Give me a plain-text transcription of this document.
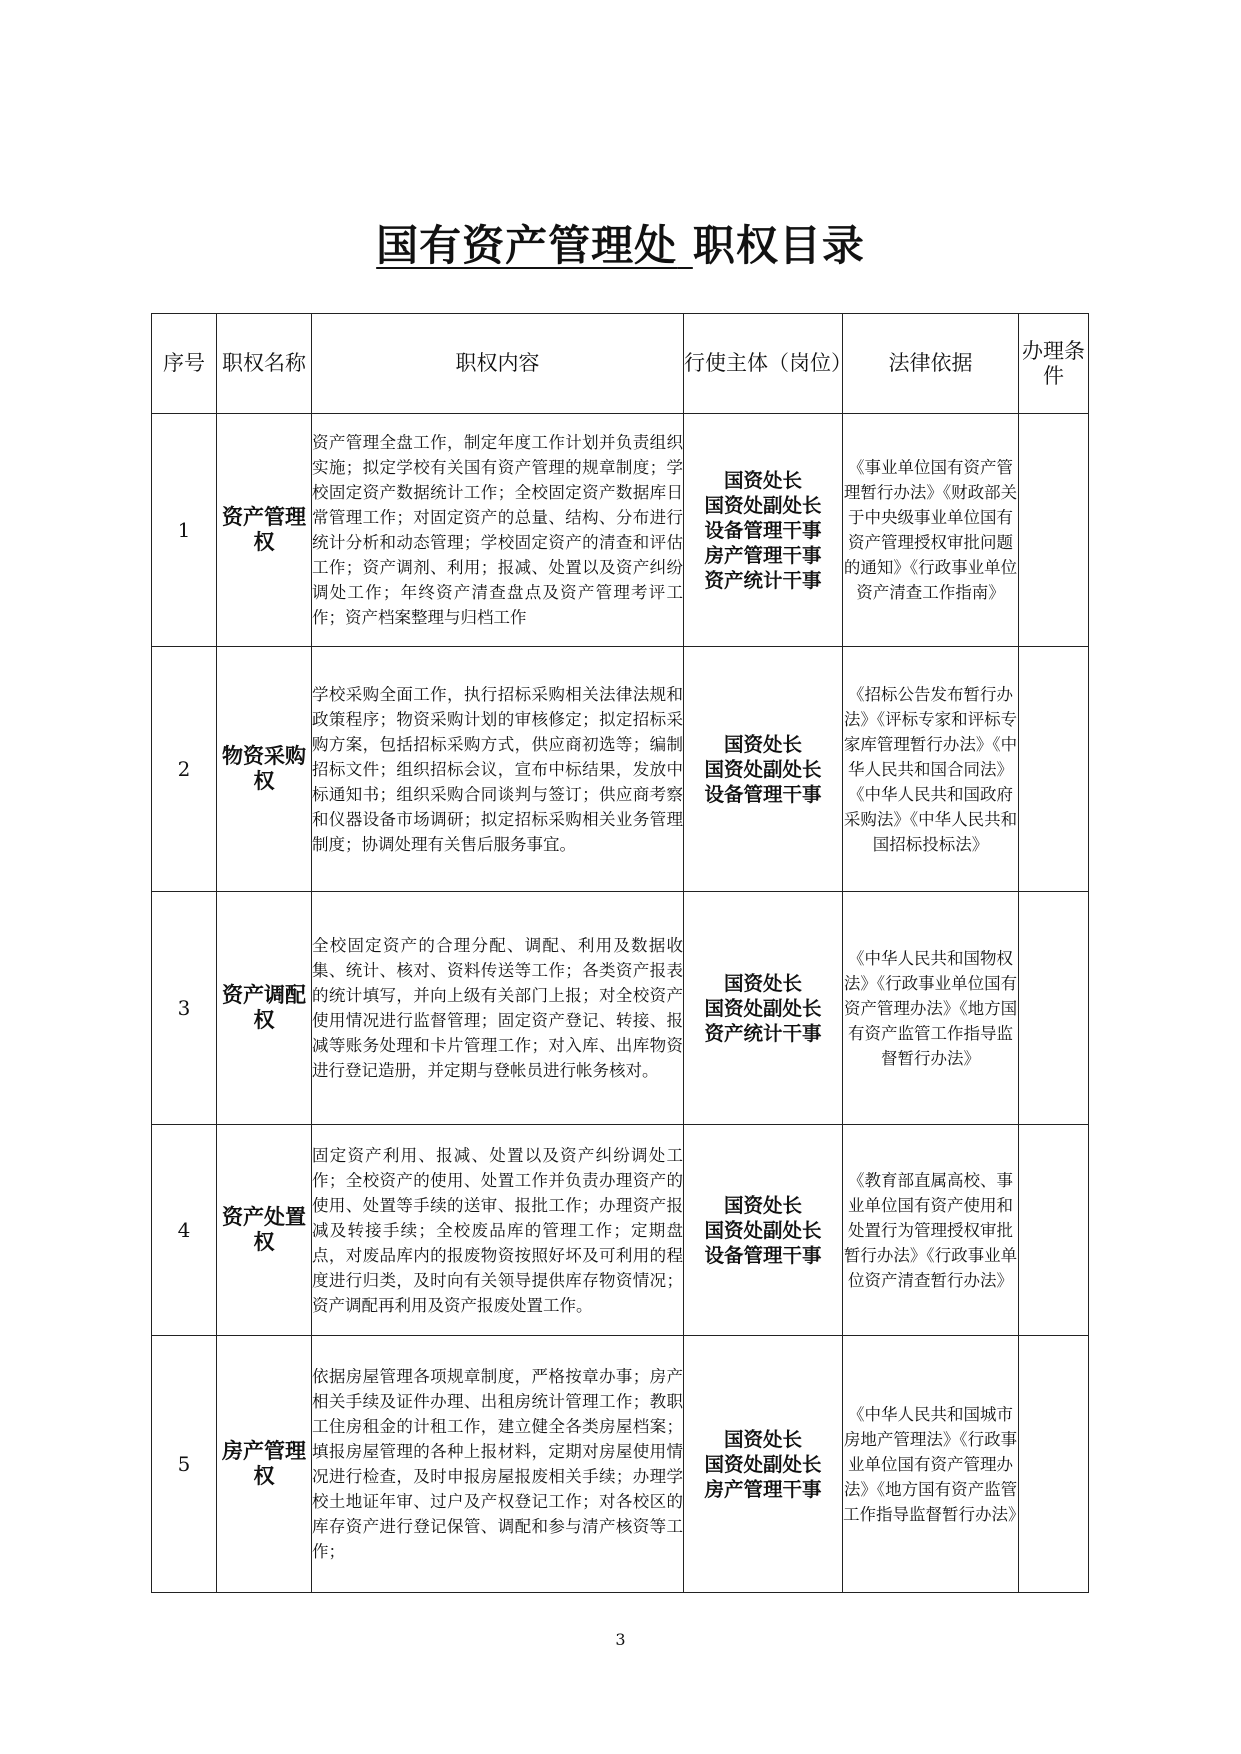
国有资产管理处 职权目录
序号	职权名称	职权内容	行使主体（岗位）	法律依据	办理条件
1	资产管理权	资产管理全盘工作，制定年度工作计划并负责组织实施；拟定学校有关国有资产管理的规章制度；学校固定资产数据统计工作；全校固定资产数据库日常管理工作；对固定资产的总量、结构、分布进行统计分析和动态管理；学校固定资产的清查和评估工作；资产调剂、利用；报减、处置以及资产纠纷调处工作；年终资产清查盘点及资产管理考评工作；资产档案整理与归档工作	国资处长
国资处副处长
设备管理干事
房产管理干事
资产统计干事	《事业单位国有资产管理暂行办法》《财政部关于中央级事业单位国有资产管理授权审批问题的通知》《行政事业单位资产清查工作指南》	
2	物资采购权	学校采购全面工作，执行招标采购相关法律法规和政策程序；物资采购计划的审核修定；拟定招标采购方案，包括招标采购方式，供应商初选等；编制招标文件；组织招标会议，宣布中标结果，发放中标通知书；组织采购合同谈判与签订；供应商考察和仪器设备市场调研；拟定招标采购相关业务管理制度；协调处理有关售后服务事宜。	国资处长
国资处副处长
设备管理干事	《招标公告发布暂行办法》《评标专家和评标专家库管理暂行办法》《中华人民共和国合同法》《中华人民共和国政府采购法》《中华人民共和国招标投标法》	
3	资产调配权	全校固定资产的合理分配、调配、利用及数据收集、统计、核对、资料传送等工作；各类资产报表的统计填写，并向上级有关部门上报；对全校资产使用情况进行监督管理；固定资产登记、转接、报减等账务处理和卡片管理工作；对入库、出库物资进行登记造册，并定期与登帐员进行帐务核对。	国资处长
国资处副处长
资产统计干事	《中华人民共和国物权法》《行政事业单位国有资产管理办法》《地方国有资产监管工作指导监督暂行办法》	
4	资产处置权	固定资产利用、报减、处置以及资产纠纷调处工作；全校资产的使用、处置工作并负责办理资产的使用、处置等手续的送审、报批工作；办理资产报减及转接手续；全校废品库的管理工作；定期盘点，对废品库内的报废物资按照好坏及可利用的程度进行归类，及时向有关领导提供库存物资情况；资产调配再利用及资产报废处置工作。	国资处长
国资处副处长
设备管理干事	《教育部直属高校、事业单位国有资产使用和处置行为管理授权审批暂行办法》《行政事业单位资产清查暂行办法》	
5	房产管理权	依据房屋管理各项规章制度，严格按章办事；房产相关手续及证件办理、出租房统计管理工作；教职工住房租金的计租工作，建立健全各类房屋档案；填报房屋管理的各种上报材料，定期对房屋使用情况进行检查，及时申报房屋报废相关手续；办理学校土地证年审、过户及产权登记工作；对各校区的库存资产进行登记保管、调配和参与清产核资等工作；	国资处长
国资处副处长
房产管理干事	《中华人民共和国城市房地产管理法》《行政事业单位国有资产管理办法》《地方国有资产监管工作指导监督暂行办法》	
3
